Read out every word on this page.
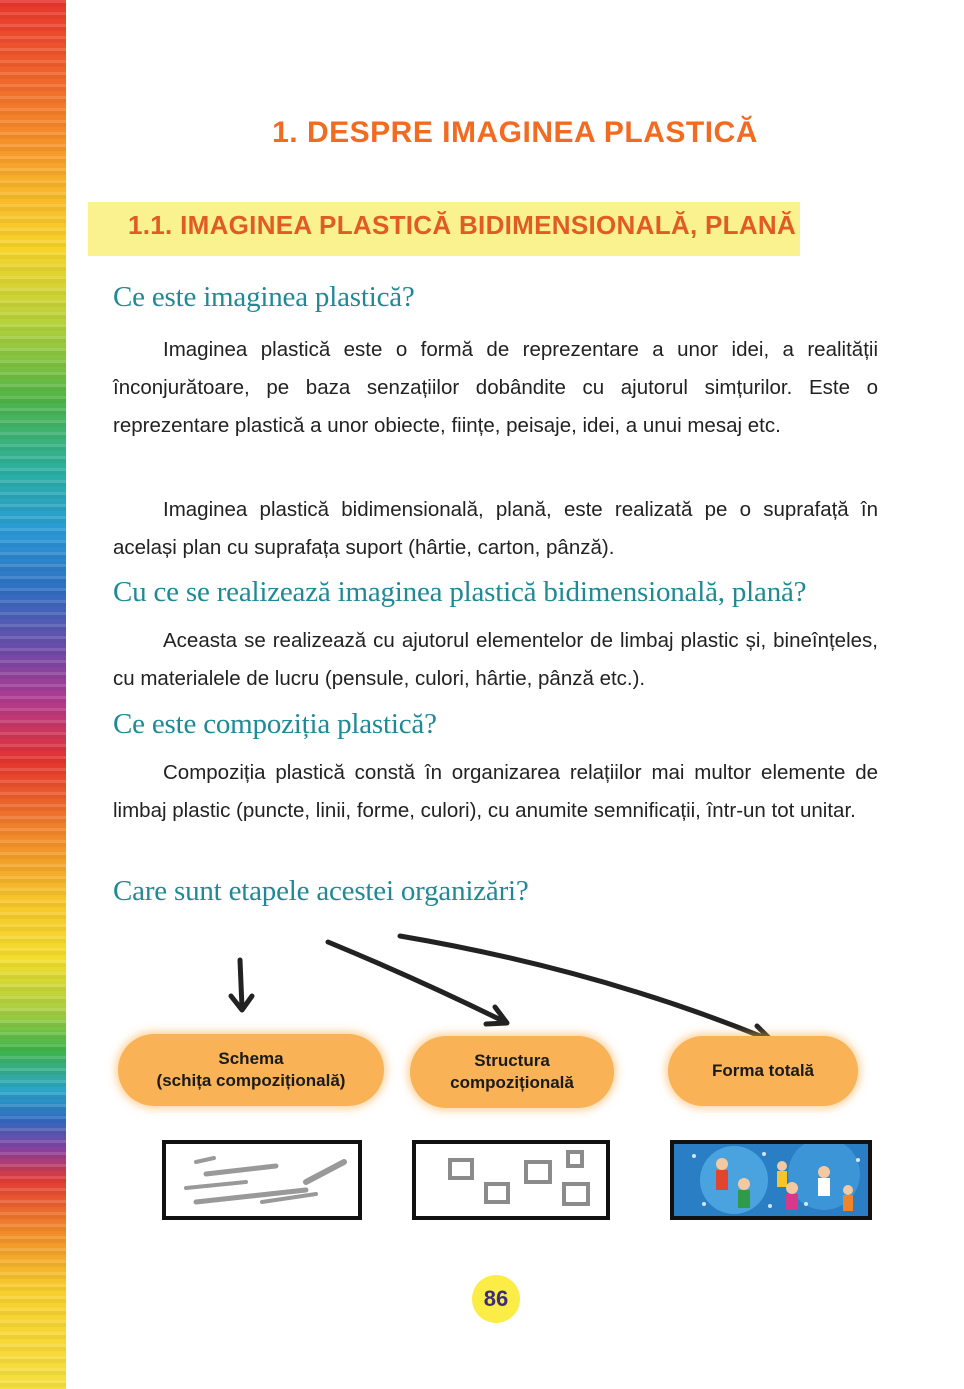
1. DESPRE IMAGINEA PLASTICĂ
1.1. IMAGINEA PLASTICĂ BIDIMENSIONALĂ, PLANĂ
Ce este imaginea plastică?

Imaginea plastică este o formă de reprezentare a unor idei, a realității înconjurătoare, pe baza senzațiilor dobândite cu ajutorul simțurilor. Este o reprezentare plastică a unor obiecte, ființe, peisaje, idei, a unui mesaj etc.

Imaginea plastică bidimensională, plană, este realizată pe o suprafață în același plan cu suprafața suport (hârtie, carton, pânză).

Cu ce se realizează imaginea plastică bidimensională, plană?

Aceasta se realizează cu ajutorul elementelor de limbaj plastic și, bineînțeles, cu materialele de lucru (pensule, culori, hârtie, pânză etc.).

Ce este compoziția plastică?

Compoziția plastică constă în organizarea relațiilor mai multor elemente de limbaj plastic (puncte, linii, forme, culori), cu anumite semnificații, într-un tot unitar.

Care sunt etapele acestei organizări?
Schema
(schița compozițională)
Structura
compozițională
Forma totală
86
